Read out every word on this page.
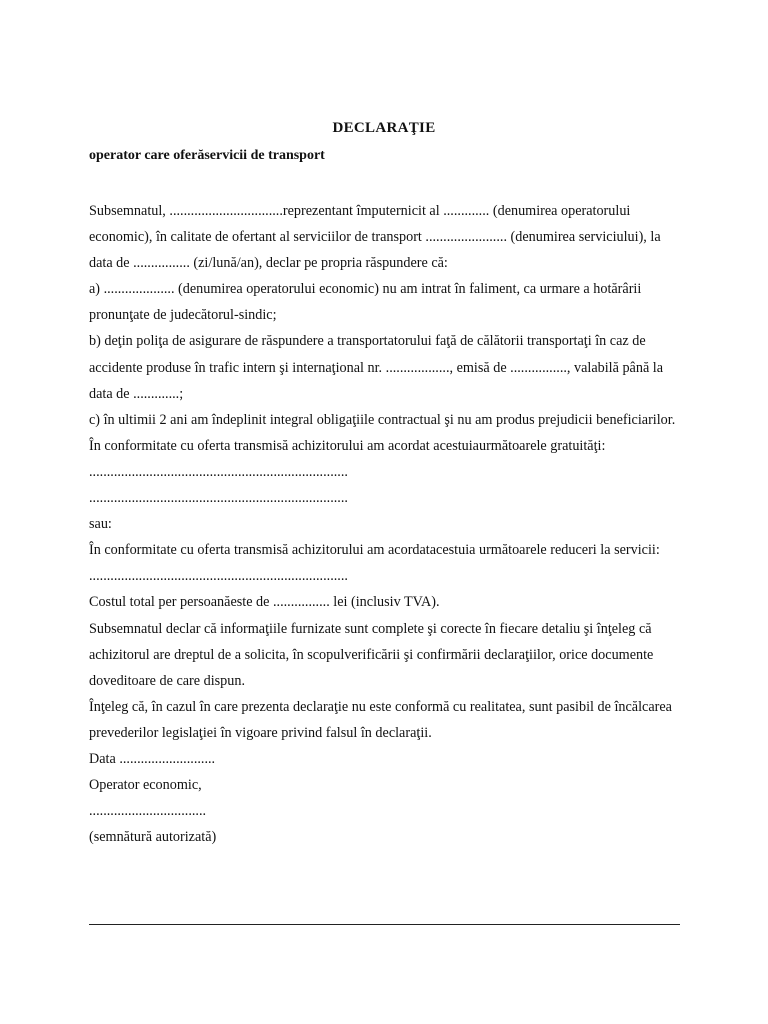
DECLARAŢIE
operator care oferăservicii de transport

Subsemnatul, ................................reprezentant împuternicit al ............. (denumirea operatorului economic), în calitate de ofertant al serviciilor de transport ....................... (denumirea serviciului), la data de ................ (zi/lună/an), declar pe propria răspundere că:

a) .................... (denumirea operatorului economic) nu am intrat în faliment, ca urmare a hotărârii pronunţate de judecătorul-sindic;

b) deţin poliţa de asigurare de răspundere a transportatorului faţă de călătorii transportaţi în caz de accidente produse în trafic intern şi internaţional nr. .................., emisă de ................, valabilă până la data de .............;

c) în ultimii 2 ani am îndeplinit integral obligaţiile contractual şi nu am produs prejudicii beneficiarilor.

În conformitate cu oferta transmisă achizitorului am acordat acestuiaurmătoarele gratuităţi:

.........................................................................

.........................................................................

sau:

În conformitate cu oferta transmisă achizitorului am acordatacestuia următoarele reduceri la servicii:

.........................................................................

Costul total per persoanăeste de ................ lei (inclusiv TVA).

Subsemnatul declar că informaţiile furnizate sunt complete şi corecte în fiecare detaliu şi înţeleg că achizitorul are dreptul de a solicita, în scopulverificării şi confirmării declaraţiilor, orice documente doveditoare de care dispun.

Înţeleg că, în cazul în care prezenta declaraţie nu este conformă cu realitatea, sunt pasibil de încălcarea prevederilor legislaţiei în vigoare privind falsul în declaraţii.

Data ...........................

Operator economic,

.................................

(semnătură autorizată)
